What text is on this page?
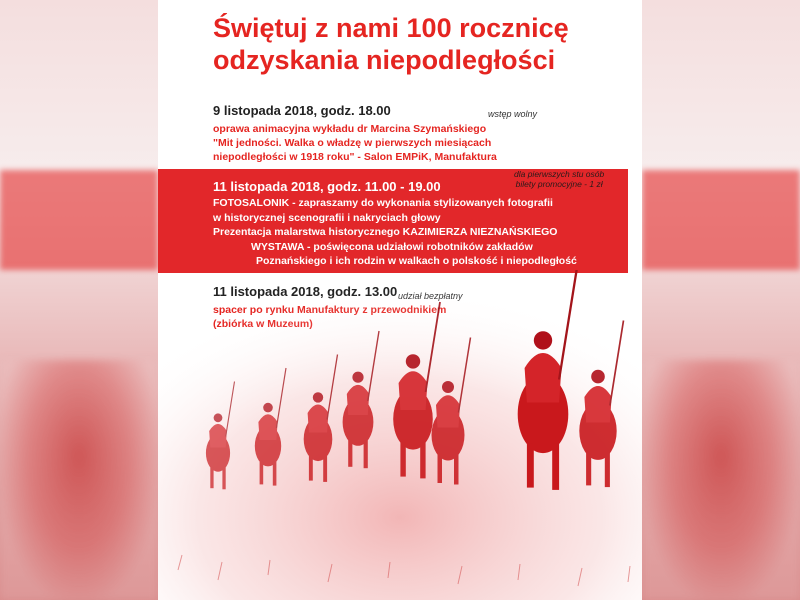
Świętuj z nami 100 rocznicę
odzyskania niepodległości
9 listopada 2018, godz. 18.00	wstęp wolny
oprawa animacyjna wykładu dr Marcina Szymańskiego
"Mit jedności. Walka o władzę w pierwszych miesiącach
niepodległości w 1918 roku" - Salon EMPiK, Manufaktura
11 listopada 2018, godz. 11.00 - 19.00
dla pierwszych stu osób
bilety promocyjne - 1 zł
FOTOSALONIK - zapraszamy do wykonania stylizowanych fotografii
w historycznej scenografii i nakryciach głowy
Prezentacja malarstwa historycznego KAZIMIERZA NIEZNAŃSKIEGO
WYSTAWA - poświęcona udziałowi robotników zakładów
Poznańskiego i ich rodzin w walkach o polskość i niepodległość
